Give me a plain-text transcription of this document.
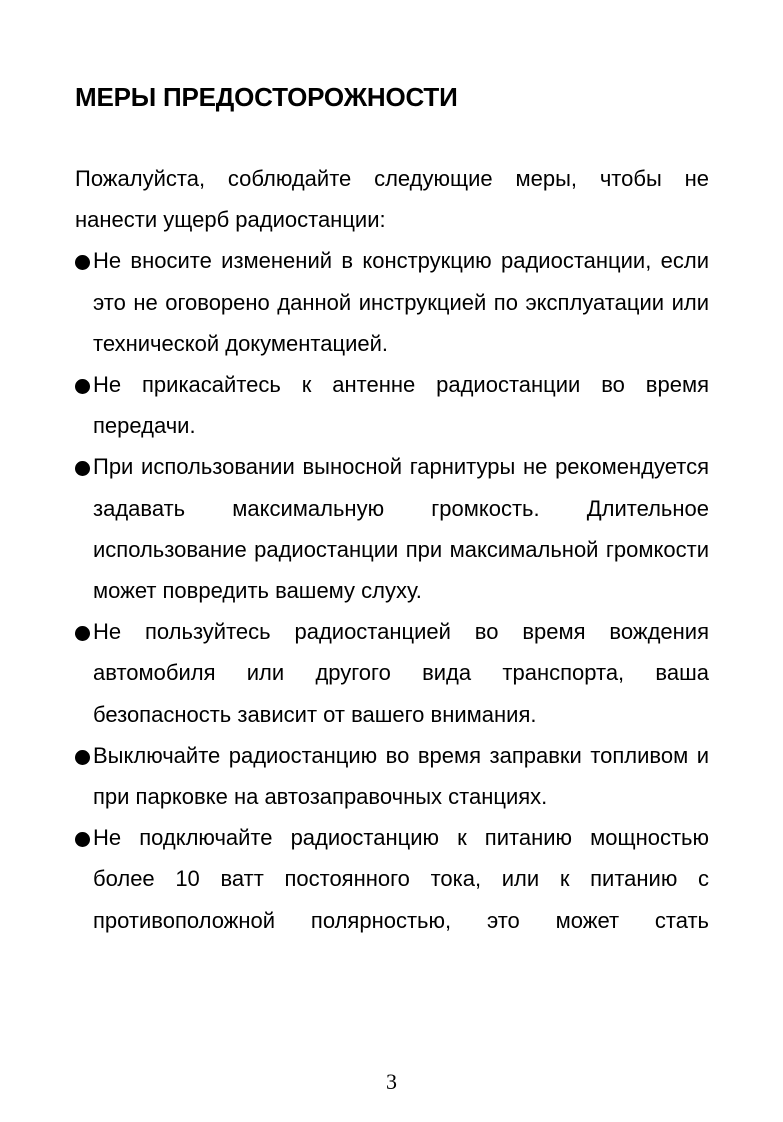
МЕРЫ ПРЕДОСТОРОЖНОСТИ

Пожалуйста, соблюдайте следующие меры, чтобы не нанести ущерб радиостанции:

Не вносите изменений в конструкцию радиостанции, если это не оговорено данной инструкцией по эксплуатации или технической документацией.
Не прикасайтесь к антенне радиостанции во время передачи.
При использовании выносной гарнитуры не рекомендуется задавать максимальную громкость. Длительное использование радиостанции при максимальной громкости может повредить вашему слуху.
Не пользуйтесь радиостанцией во время вождения автомобиля или другого вида транспорта, ваша безопасность зависит от вашего внимания.
Выключайте радиостанцию во время заправки топливом и при парковке на автозаправочных станциях.
Не подключайте радиостанцию к питанию мощностью более 10 ватт постоянного тока, или к питанию с противоположной полярностью, это может стать
3
